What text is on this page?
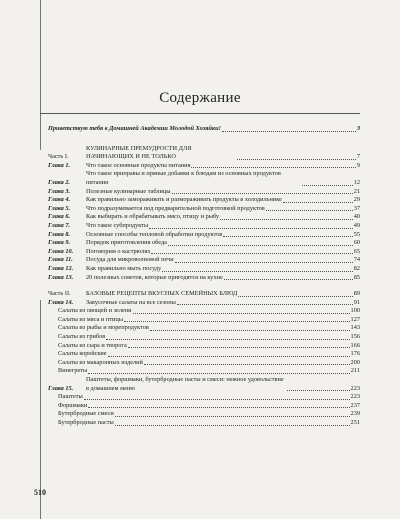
Содержание
Приветствую тебя в Домашней Академии Молодой Хозяйки!	3
Часть I.
КУЛИНАРНЫЕ ПРЕМУДРОСТИ ДЛЯ НАЧИНАЮЩИХ И НЕ ТОЛЬКО	7
Глава 1.	Что такое основные продукты питания	9
Глава 2.
Что такое приправы и пряные добавки к блюдам из основных продуктов питания	12
Глава 3.	Полезные кулинарные таблицы	21
Глава 4.	Как правильно замораживать и размораживать продукты в холодильнике	29
Глава 5.	Что подразумевается под предварительной подготовкой продуктов	37
Глава 6.	Как выбирать и обрабатывать мясо, птицу и рыбу	40
Глава 7.	Что такое субпродукты	49
Глава 8.	Основные способы тепловой обработки продуктов	55
Глава 9.	Порядок приготовления обеда	60
Глава 10.	Поговорим о кастрюлях	65
Глава 11.	Посуда для микроволновой печи	74
Глава 12.	Как правильно мыть посуду	82
Глава 13.	20 полезных советов, которые пригодятся на кухне	85
Часть II.	БАЗОВЫЕ РЕЦЕПТЫ ВКУСНЫХ СЕМЕЙНЫХ БЛЮД	89
Глава 14.	Закусочные салаты на все сезоны	91
Салаты из овощей и зелени	100
Салаты из мяса и птицы	127
Салаты из рыбы и морепродуктов	143
Салаты из грибов	156
Салаты из сыра и творога	166
Салаты корейские	176
Салаты из макаронных изделий	200
Винегреты	211
Глава 15.
Паштеты, форшмаки, бутербродные пасты и смеси: нежное удовольствие в домашнем меню	223
Паштеты	223
Форшмаки	237
Бутербродные смеси	239
Бутербродные пасты	251
510
